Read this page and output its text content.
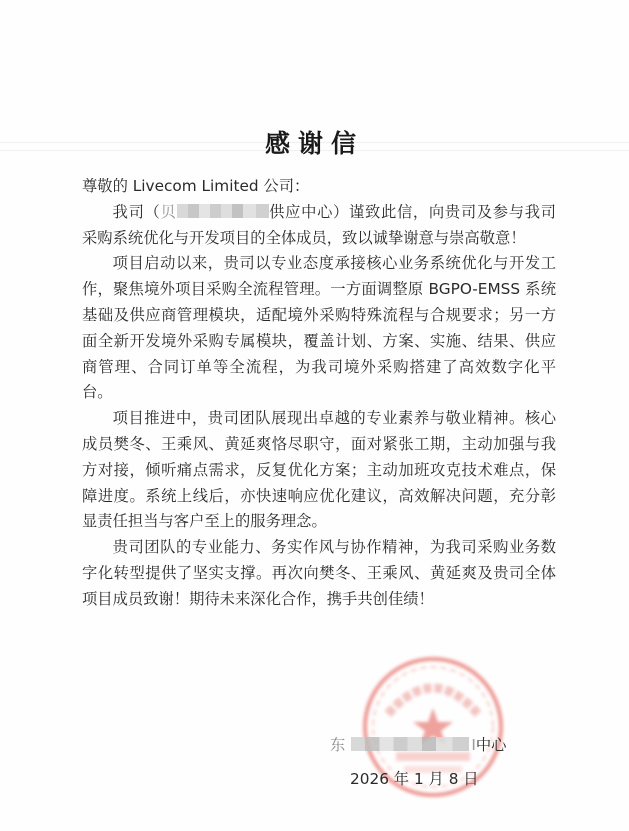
感谢信

尊敬的 Livecom Limited 公司：

我司（贝	供应中心）谨致此信，向贵司及参与我司采购系统优化与开发项目的全体成员，致以诚挚谢意与崇高敬意！

项目启动以来，贵司以专业态度承接核心业务系统优化与开发工作，聚焦境外项目采购全流程管理。一方面调整原 BGPO-EMSS 系统基础及供应商管理模块，适配境外采购特殊流程与合规要求；另一方面全新开发境外采购专属模块，覆盖计划、方案、实施、结果、供应商管理、合同订单等全流程，为我司境外采购搭建了高效数字化平台。

项目推进中，贵司团队展现出卓越的专业素养与敬业精神。核心成员樊冬、王乘风、黄延爽恪尽职守，面对紧张工期，主动加强与我方对接，倾听痛点需求，反复优化方案；主动加班攻克技术难点，保障进度。系统上线后，亦快速响应优化建议，高效解决问题，充分彰显责任担当与客户至上的服务理念。

贵司团队的专业能力、务实作风与协作精神，为我司采购业务数字化转型提供了坚实支撑。再次向樊冬、王乘风、黄延爽及贵司全体项目成员致谢！期待未来深化合作，携手共创佳绩！

东	I中心
2026 年 1 月 8 日
